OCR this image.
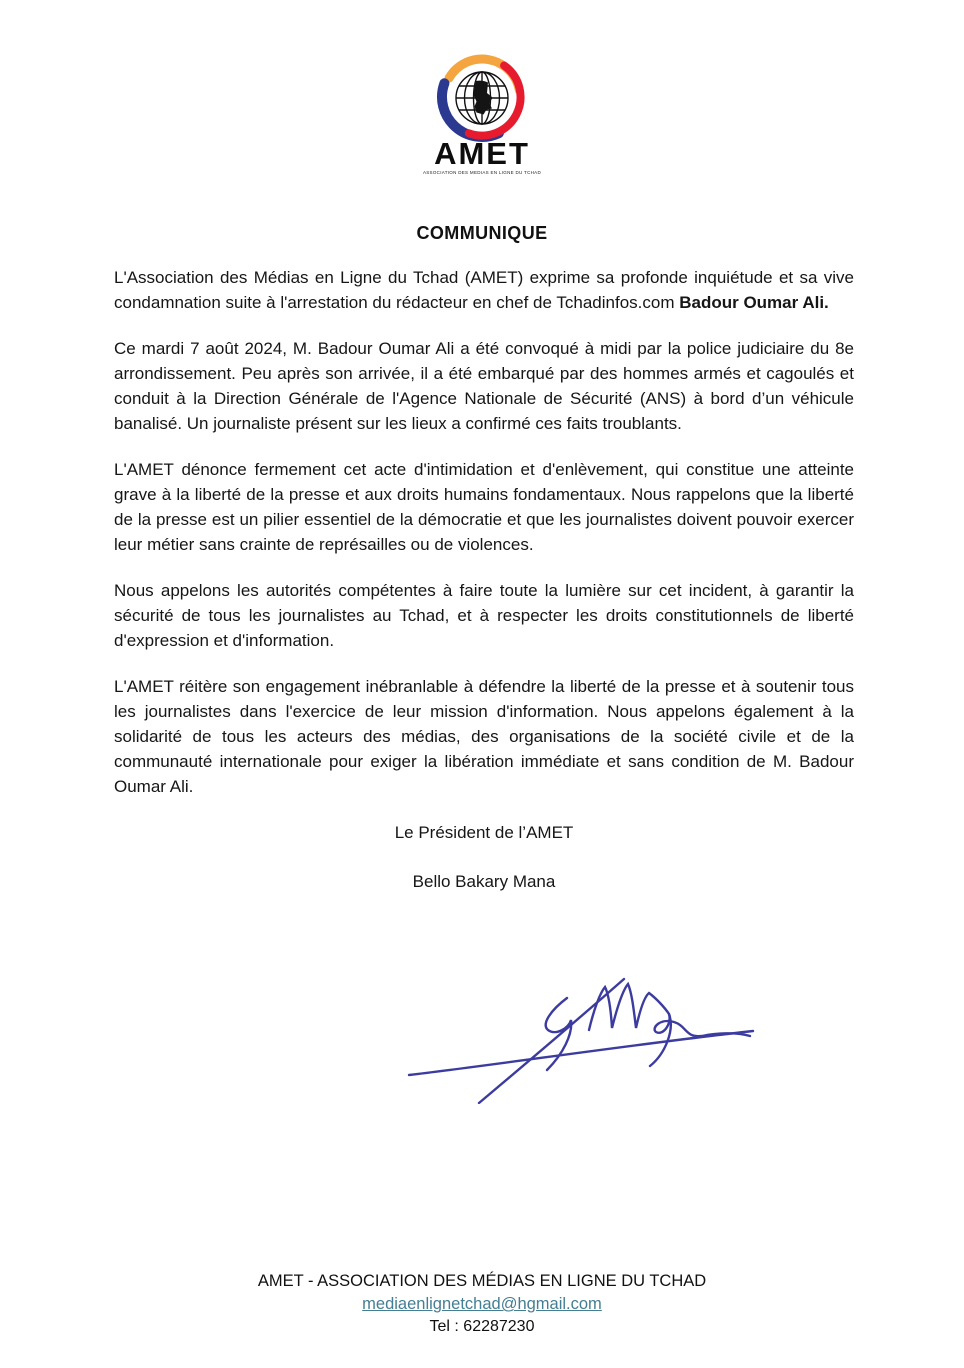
AMET
ASSOCIATION DES MEDIAS EN LIGNE DU TCHAD
COMMUNIQUE

L'Association des Médias en Ligne du Tchad (AMET) exprime sa profonde inquiétude et sa vive condamnation suite à l'arrestation du rédacteur en chef de Tchadinfos.com Badour Oumar Ali.

Ce mardi 7 août 2024, M. Badour Oumar Ali a été convoqué à midi par la police judiciaire du 8e arrondissement. Peu après son arrivée, il a été embarqué par des hommes armés et cagoulés et conduit à la Direction Générale de l'Agence Nationale de Sécurité (ANS) à bord d’un véhicule banalisé. Un journaliste présent sur les lieux a confirmé ces faits troublants.

L'AMET dénonce fermement cet acte d'intimidation et d'enlèvement, qui constitue une atteinte grave à la liberté de la presse et aux droits humains fondamentaux. Nous rappelons que la liberté de la presse est un pilier essentiel de la démocratie et que les journalistes doivent pouvoir exercer leur métier sans crainte de représailles ou de violences.

Nous appelons les autorités compétentes à faire toute la lumière sur cet incident, à garantir la sécurité de tous les journalistes au Tchad, et à respecter les droits constitutionnels de liberté d'expression et d'information.

L'AMET réitère son engagement inébranlable à défendre la liberté de la presse et à soutenir tous les journalistes dans l'exercice de leur mission d'information. Nous appelons également à la solidarité de tous les acteurs des médias, des organisations de la société civile et de la communauté internationale pour exiger la libération immédiate et sans condition de M. Badour Oumar Ali.

Le Président de l’AMET
Bello Bakary Mana
AMET - ASSOCIATION DES MÉDIAS EN LIGNE DU TCHAD
mediaenlignetchad@hgmail.com
Tel : 62287230
